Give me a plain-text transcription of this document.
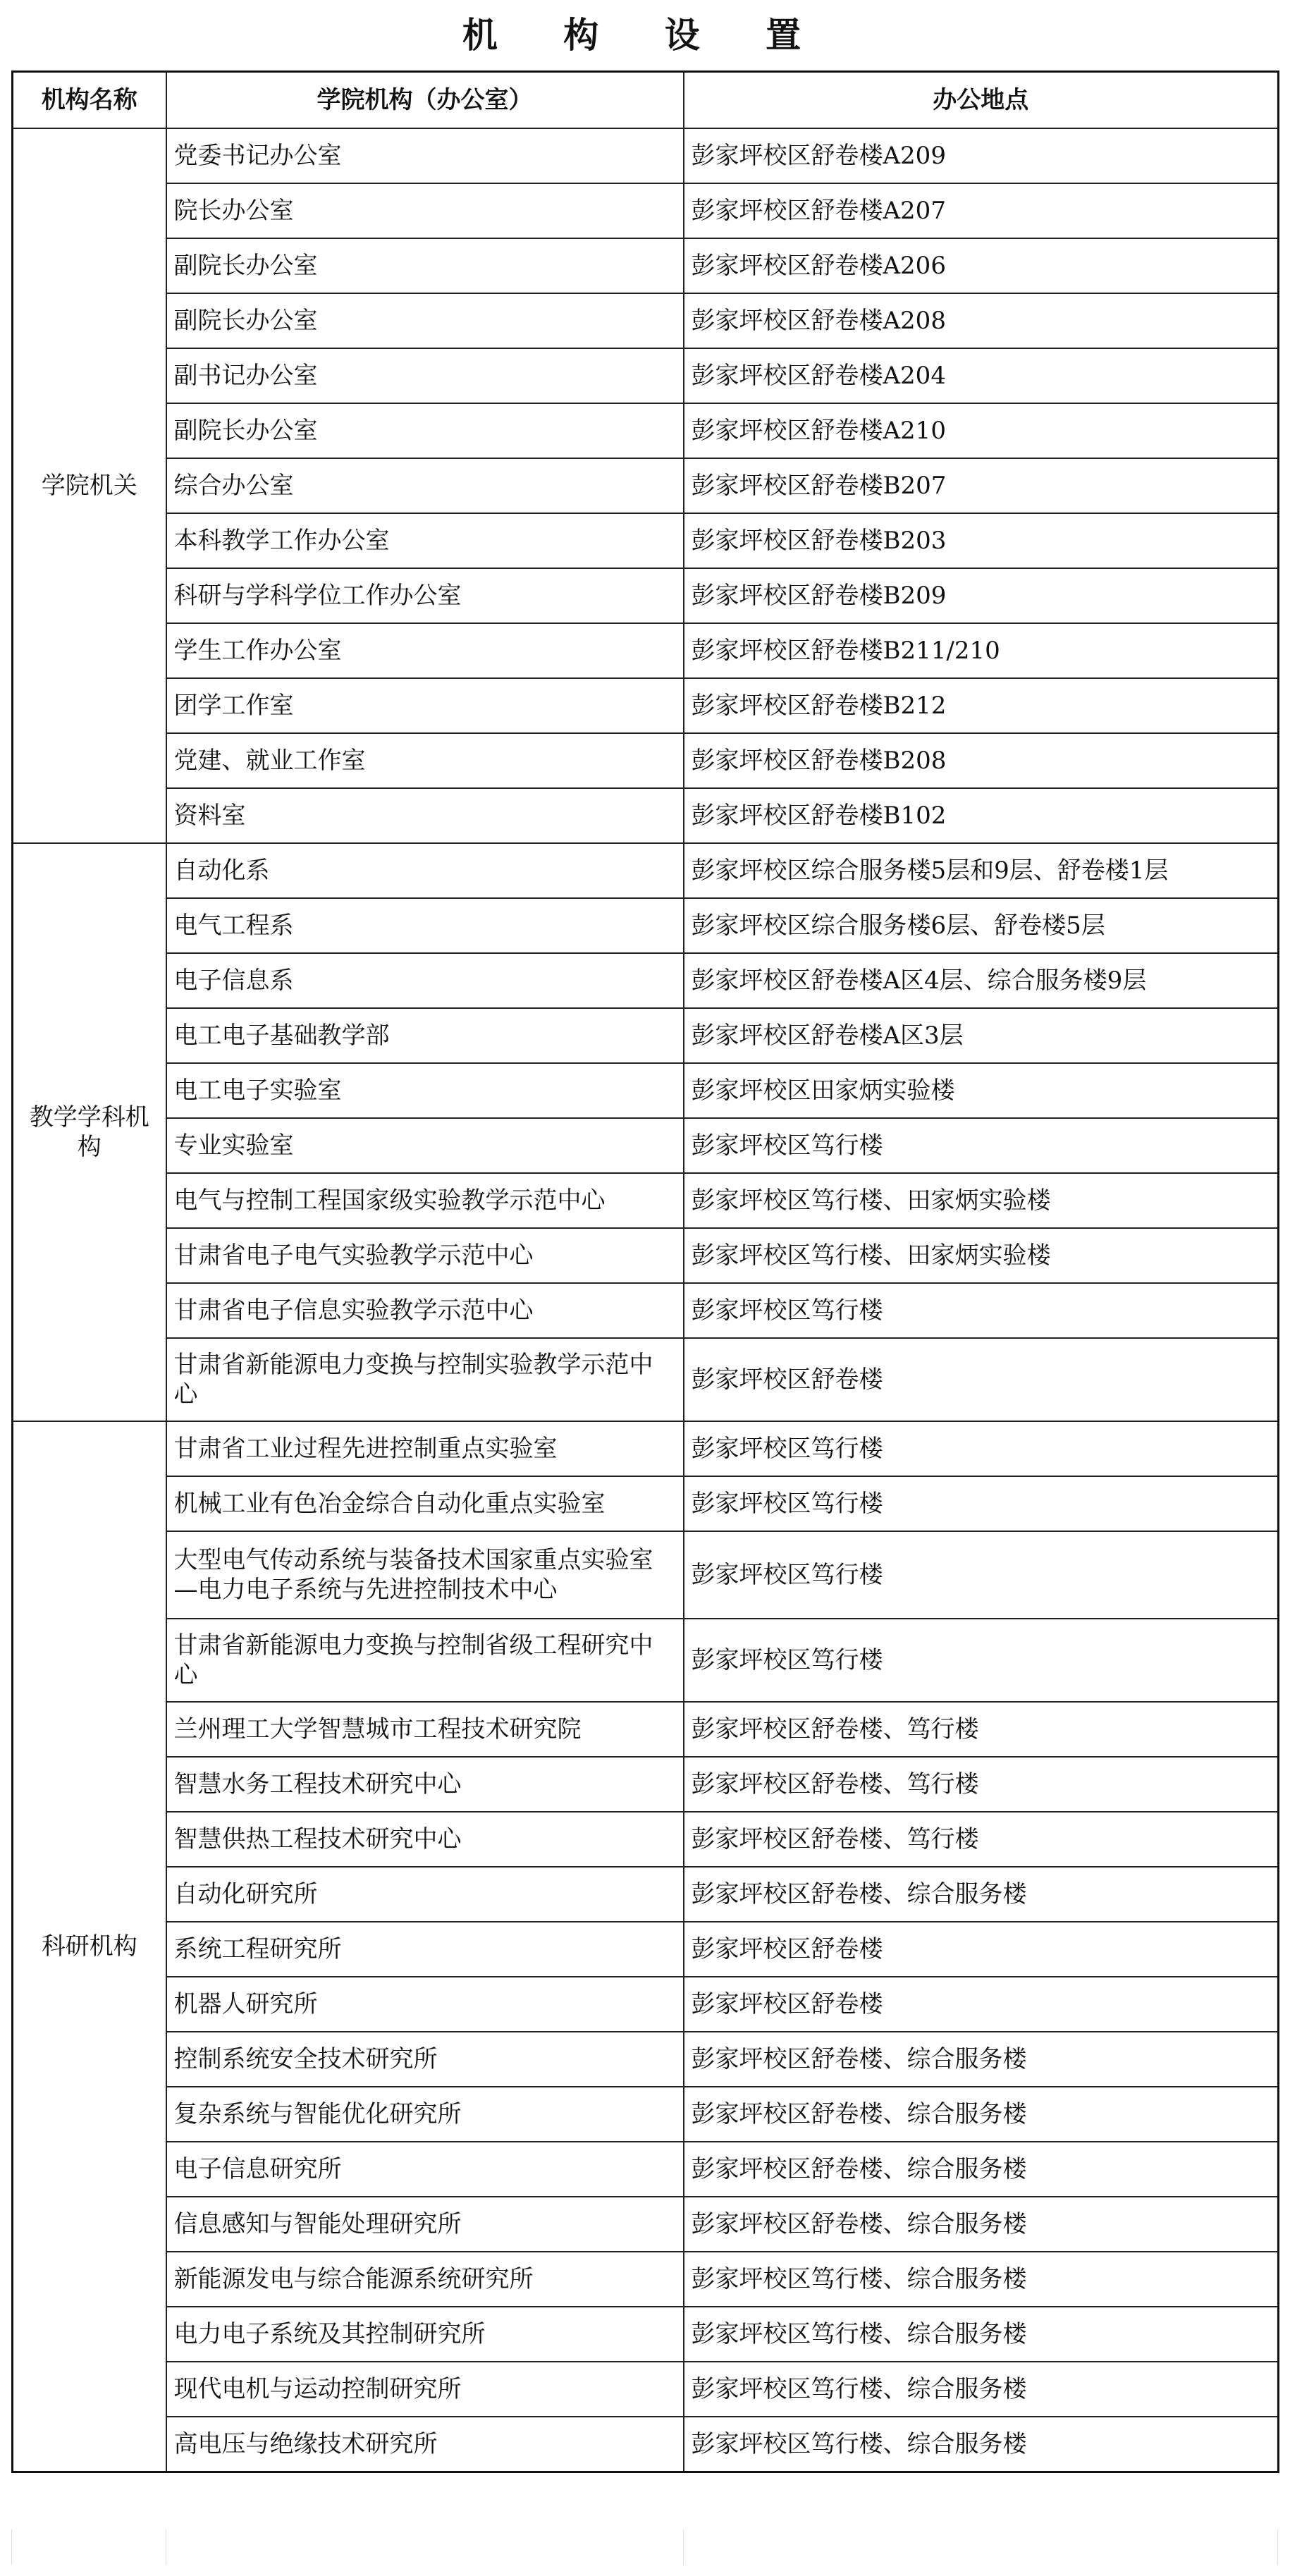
机 构 设 置
机构名称	学院机构（办公室）	办公地点
学院机关	党委书记办公室	彭家坪校区舒卷楼A209
	院长办公室	彭家坪校区舒卷楼A207
	副院长办公室	彭家坪校区舒卷楼A206
	副院长办公室	彭家坪校区舒卷楼A208
	副书记办公室	彭家坪校区舒卷楼A204
	副院长办公室	彭家坪校区舒卷楼A210
	综合办公室	彭家坪校区舒卷楼B207
	本科教学工作办公室	彭家坪校区舒卷楼B203
	科研与学科学位工作办公室	彭家坪校区舒卷楼B209
	学生工作办公室	彭家坪校区舒卷楼B211/210
	团学工作室	彭家坪校区舒卷楼B212
	党建、就业工作室	彭家坪校区舒卷楼B208
	资料室	彭家坪校区舒卷楼B102
教学学科机构	自动化系	彭家坪校区综合服务楼5层和9层、舒卷楼1层
	电气工程系	彭家坪校区综合服务楼6层、舒卷楼5层
	电子信息系	彭家坪校区舒卷楼A区4层、综合服务楼9层
	电工电子基础教学部	彭家坪校区舒卷楼A区3层
	电工电子实验室	彭家坪校区田家炳实验楼
	专业实验室	彭家坪校区笃行楼
	电气与控制工程国家级实验教学示范中心	彭家坪校区笃行楼、田家炳实验楼
	甘肃省电子电气实验教学示范中心	彭家坪校区笃行楼、田家炳实验楼
	甘肃省电子信息实验教学示范中心	彭家坪校区笃行楼
	甘肃省新能源电力变换与控制实验教学示范中心	彭家坪校区舒卷楼
科研机构	甘肃省工业过程先进控制重点实验室	彭家坪校区笃行楼
	机械工业有色冶金综合自动化重点实验室	彭家坪校区笃行楼
	大型电气传动系统与装备技术国家重点实验室—电力电子系统与先进控制技术中心	彭家坪校区笃行楼
	甘肃省新能源电力变换与控制省级工程研究中心	彭家坪校区笃行楼
	兰州理工大学智慧城市工程技术研究院	彭家坪校区舒卷楼、笃行楼
	智慧水务工程技术研究中心	彭家坪校区舒卷楼、笃行楼
	智慧供热工程技术研究中心	彭家坪校区舒卷楼、笃行楼
	自动化研究所	彭家坪校区舒卷楼、综合服务楼
	系统工程研究所	彭家坪校区舒卷楼
	机器人研究所	彭家坪校区舒卷楼
	控制系统安全技术研究所	彭家坪校区舒卷楼、综合服务楼
	复杂系统与智能优化研究所	彭家坪校区舒卷楼、综合服务楼
	电子信息研究所	彭家坪校区舒卷楼、综合服务楼
	信息感知与智能处理研究所	彭家坪校区舒卷楼、综合服务楼
	新能源发电与综合能源系统研究所	彭家坪校区笃行楼、综合服务楼
	电力电子系统及其控制研究所	彭家坪校区笃行楼、综合服务楼
	现代电机与运动控制研究所	彭家坪校区笃行楼、综合服务楼
	高电压与绝缘技术研究所	彭家坪校区笃行楼、综合服务楼
